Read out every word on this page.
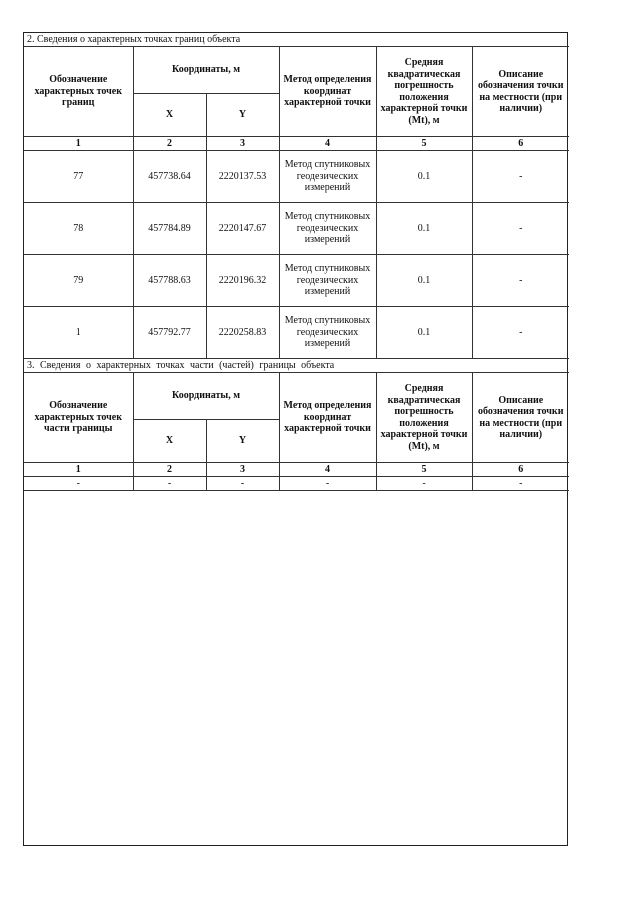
2. Сведения о характерных точках границ объекта					
Обозначение характерных точек границ	Координаты, м		Метод определения координат характерной точки	Средняя квадратическая погрешность положения характерной точки (Mt), м	Описание обозначения точки на местности (при наличии)
	X	Y			
1	2	3	4	5	6
77	457738.64	2220137.53	Метод спутниковых геодезических измерений	0.1	-
78	457784.89	2220147.67	Метод спутниковых геодезических измерений	0.1	-
79	457788.63	2220196.32	Метод спутниковых геодезических измерений	0.1	-
1	457792.77	2220258.83	Метод спутниковых геодезических измерений	0.1	-
3. Сведения о характерных точках части (частей) границы объекта					
Обозначение характерных точек части границы	Координаты, м		Метод определения координат характерной точки	Средняя квадратическая погрешность положения характерной точки (Mt), м	Описание обозначения точки на местности (при наличии)
	X	Y			
1	2	3	4	5	6
-	-	-	-	-	-
